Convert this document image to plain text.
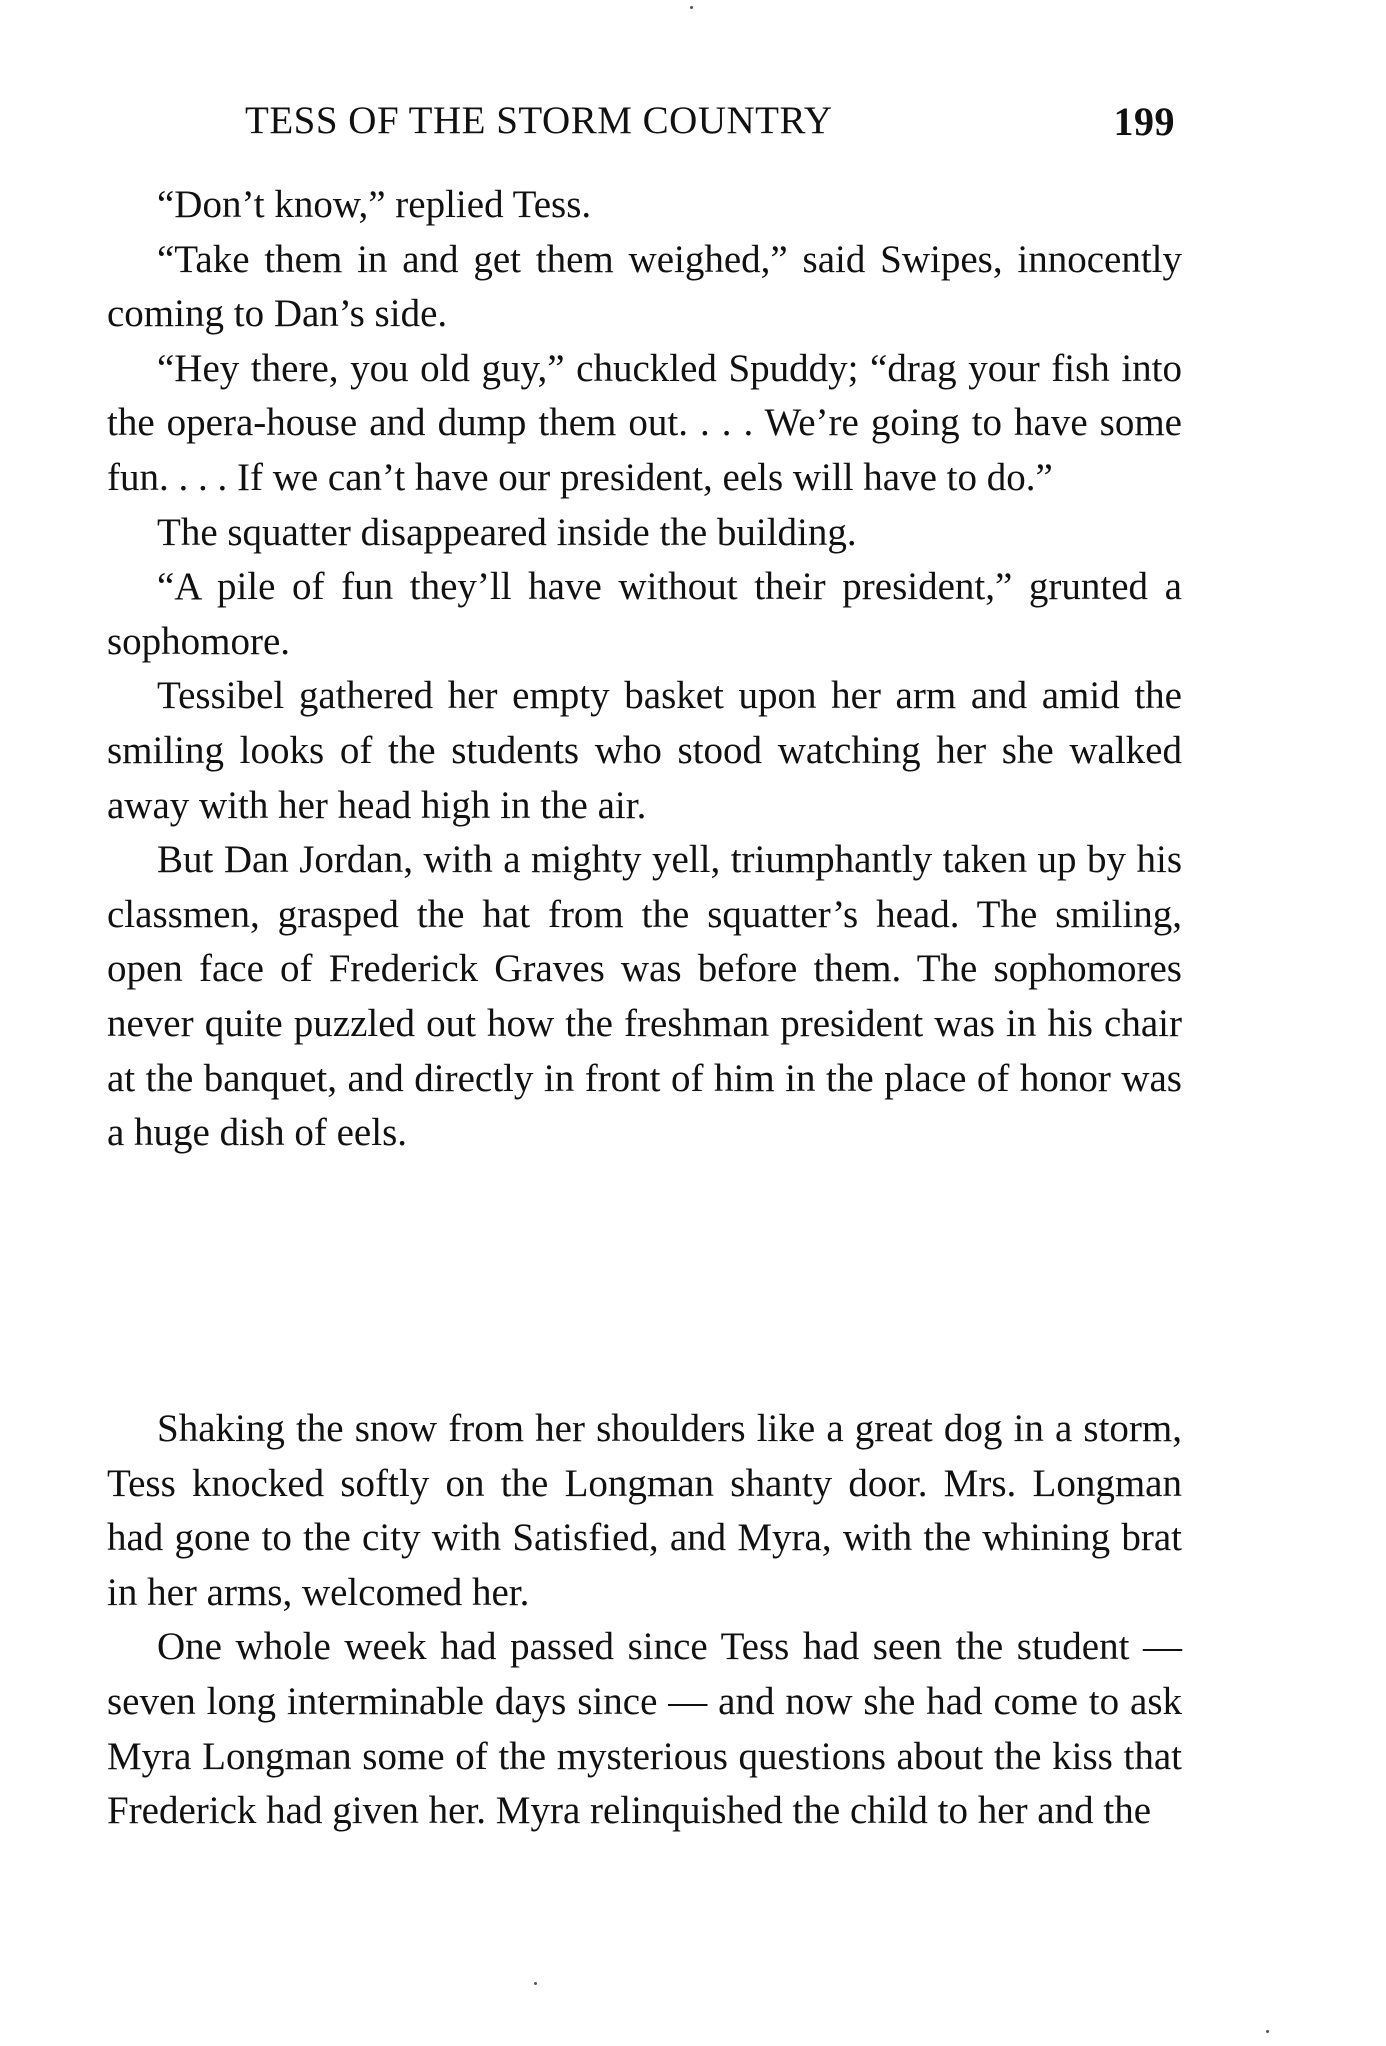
TESS OF THE STORM COUNTRY	199

“Don’t know,” replied Tess.

“Take them in and get them weighed,” said Swipes, innocently coming to Dan’s side.

“Hey there, you old guy,” chuckled Spuddy; “drag your fish into the opera-house and dump them out. . . . We’re going to have some fun. . . . If we can’t have our president, eels will have to do.”

The squatter disappeared inside the building.

“A pile of fun they’ll have without their president,” grunted a sophomore.

Tessibel gathered her empty basket upon her arm and amid the smiling looks of the students who stood watching her she walked away with her head high in the air.

But Dan Jordan, with a mighty yell, triumphantly taken up by his classmen, grasped the hat from the squatter’s head. The smiling, open face of Frederick Graves was before them. The sophomores never quite puzzled out how the freshman president was in his chair at the banquet, and directly in front of him in the place of honor was a huge dish of eels.

Shaking the snow from her shoulders like a great dog in a storm, Tess knocked softly on the Longman shanty door. Mrs. Longman had gone to the city with Satisfied, and Myra, with the whining brat in her arms, welcomed her.

One whole week had passed since Tess had seen the student — seven long interminable days since — and now she had come to ask Myra Longman some of the mysterious questions about the kiss that Frederick had given her. Myra relinquished the child to her and the
